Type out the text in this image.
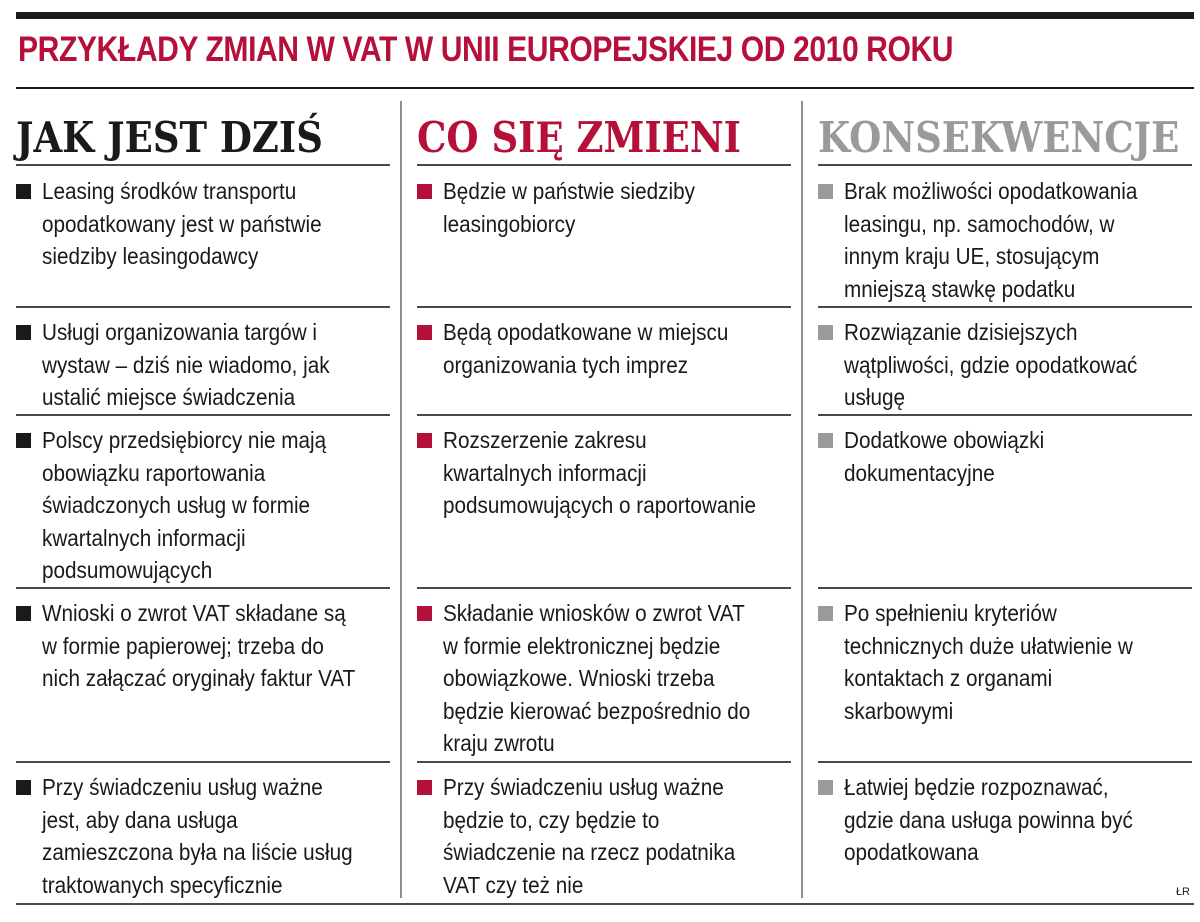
PRZYKŁADY ZMIAN W VAT W UNII EUROPEJSKIEJ OD 2010 ROKU
JAK JEST DZIŚ
Leasing środków transportu opodatkowany jest w państwie siedziby leasingodawcy
Usługi organizowania targów i wystaw – dziś nie wiadomo, jak ustalić miejsce świadczenia
Polscy przedsiębiorcy nie mają obowiązku raportowania świadczonych usług w formie kwartalnych informacji podsumowujących
Wnioski o zwrot VAT składane są w formie papierowej; trzeba do nich załączać oryginały faktur VAT
Przy świadczeniu usług ważne jest, aby dana usługa zamieszczona była na liście usług traktowanych specyficznie
CO SIĘ ZMIENI
Będzie w państwie siedziby leasingobiorcy
Będą opodatkowane w miejscu organizowania tych imprez
Rozszerzenie zakresu kwartalnych informacji podsumowujących o raportowanie
Składanie wniosków o zwrot VAT w formie elektronicznej będzie obowiązkowe. Wnioski trzeba będzie kierować bezpośrednio do kraju zwrotu
Przy świadczeniu usług ważne będzie to, czy będzie to świadczenie na rzecz podatnika VAT czy też nie
KONSEKWENCJE
Brak możliwości opodatkowania leasingu, np. samochodów, w innym kraju UE, stosującym mniejszą stawkę podatku
Rozwiązanie dzisiejszych wątpliwości, gdzie opodatkować usługę
Dodatkowe obowiązki dokumentacyjne
Po spełnieniu kryteriów technicznych duże ułatwienie w kontaktach z organami skarbowymi
Łatwiej będzie rozpoznawać, gdzie dana usługa powinna być opodatkowana
ŁR
